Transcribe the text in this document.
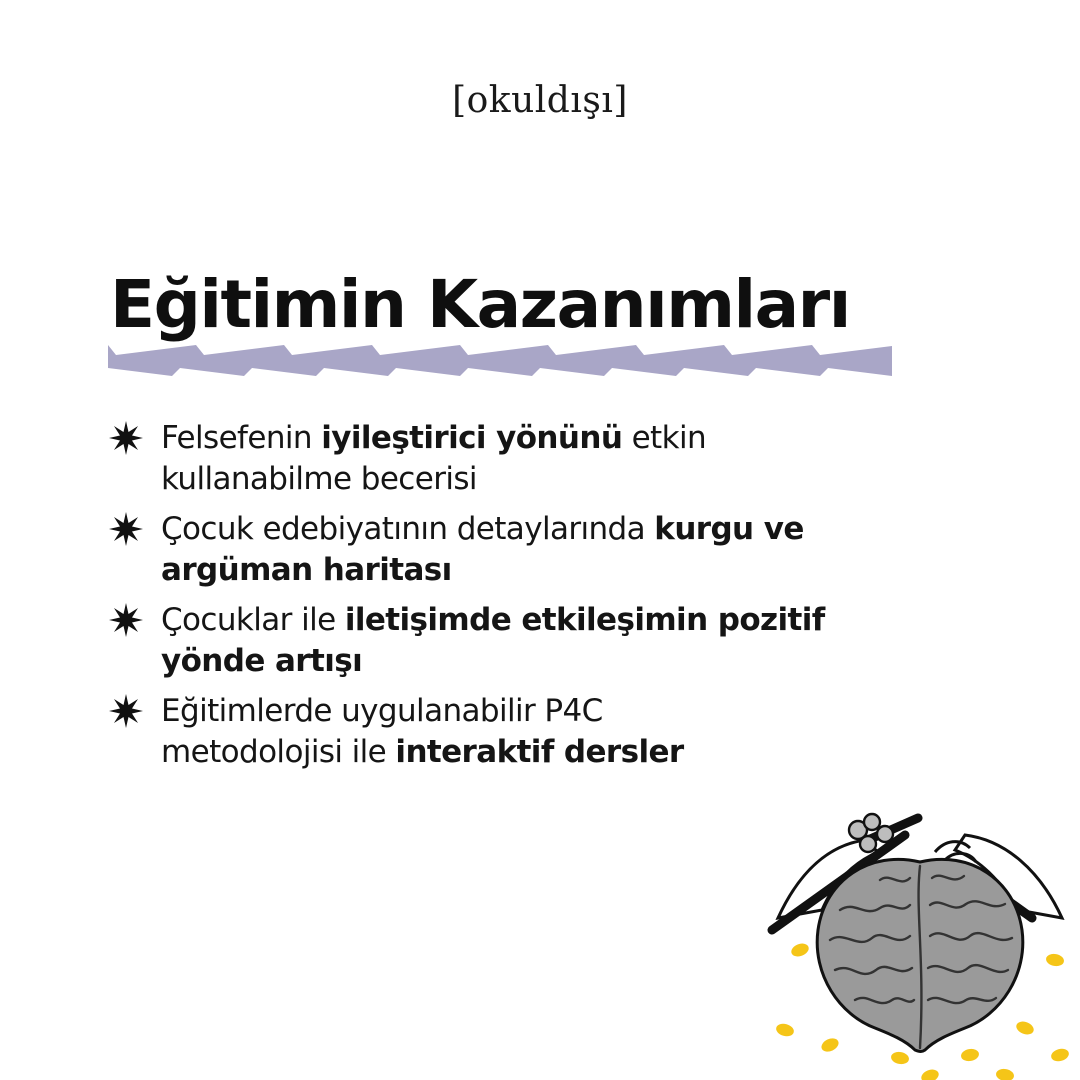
[okuldışı]
Eğitimin Kazanımları
Felsefenin iyileştirici yönünü etkin
kullanabilme becerisi
Çocuk edebiyatının detaylarında kurgu ve
argüman haritası
Çocuklar ile iletişimde etkileşimin pozitif
yönde artışı
Eğitimlerde uygulanabilir P4C
metodolojisi ile interaktif dersler
